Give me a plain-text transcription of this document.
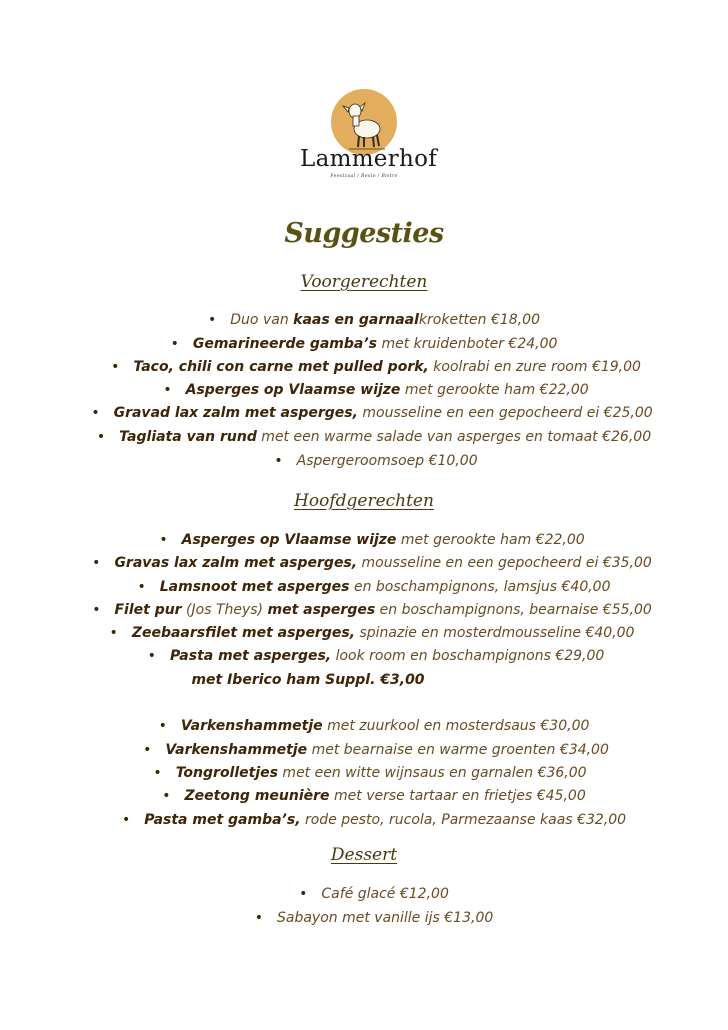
Lammerhof
Feestzaal / Resto / Bistro
Suggesties
Voorgerechten
• Duo van kaas en garnaalkroketten €18,00
• Gemarineerde gamba’s met kruidenboter €24,00
• Taco, chili con carne met pulled pork, koolrabi en zure room €19,00
• Asperges op Vlaamse wijze met gerookte ham €22,00
• Gravad lax zalm met asperges, mousseline en een gepocheerd ei €25,00
• Tagliata van rund met een warme salade van asperges en tomaat €26,00
• Aspergeroomsoep €10,00
Hoofdgerechten
• Asperges op Vlaamse wijze met gerookte ham €22,00
• Gravas lax zalm met asperges, mousseline en een gepocheerd ei €35,00
• Lamsnoot met asperges en boschampignons, lamsjus €40,00
• Filet pur (Jos Theys) met asperges en boschampignons, bearnaise €55,00
• Zeebaarsfilet met asperges, spinazie en mosterdmousseline €40,00
• Pasta met asperges, look room en boschampignons €29,00
• Varkenshammetje met zuurkool en mosterdsaus €30,00
• Varkenshammetje met bearnaise en warme groenten €34,00
• Tongrolletjes met een witte wijnsaus en garnalen €36,00
• Zeetong meunière met verse tartaar en frietjes €45,00
• Pasta met gamba’s, rode pesto, rucola, Parmezaanse kaas €32,00
met Iberico ham Suppl. €3,00
Dessert
• Café glacé €12,00
• Sabayon met vanille ijs €13,00
